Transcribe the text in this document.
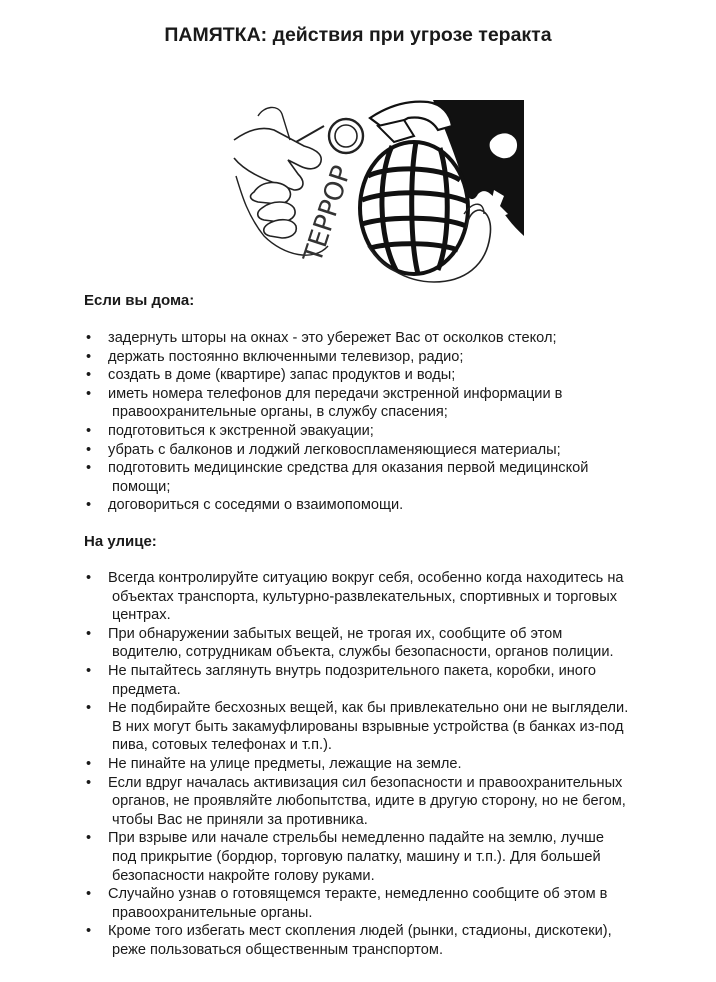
ПАМЯТКА: действия при угрозе теракта
ТЕРРОР
Если вы дома:
• задернуть шторы на окнах - это убережет Вас от осколков стекол;
• держать постоянно включенными телевизор, радио;
• создать в доме (квартире) запас продуктов и воды;
• иметь номера телефонов для передачи экстренной информации в
правоохранительные органы, в службу спасения;
• подготовиться к экстренной эвакуации;
• убрать с балконов и лоджий легковоспламеняющиеся материалы;
• подготовить медицинские средства для оказания первой медицинской
помощи;
• договориться с соседями о взаимопомощи.
На улице:
• Всегда контролируйте ситуацию вокруг себя, особенно когда находитесь на
объектах транспорта, культурно-развлекательных, спортивных и торговых
центрах.
• При обнаружении забытых вещей, не трогая их, сообщите об этом
водителю, сотрудникам объекта, службы безопасности, органов полиции.
• Не пытайтесь заглянуть внутрь подозрительного пакета, коробки, иного
предмета.
• Не подбирайте бесхозных вещей, как бы привлекательно они не выглядели.
В них могут быть закамуфлированы взрывные устройства (в банках из-под
пива, сотовых телефонах и т.п.).
• Не пинайте на улице предметы, лежащие на земле.
• Если вдруг началась активизация сил безопасности и правоохранительных
органов, не проявляйте любопытства, идите в другую сторону, но не бегом,
чтобы Вас не приняли за противника.
• При взрыве или начале стрельбы немедленно падайте на землю, лучше
под прикрытие (бордюр, торговую палатку, машину и т.п.). Для большей
безопасности накройте голову руками.
• Случайно узнав о готовящемся теракте, немедленно сообщите об этом в
правоохранительные органы.
• Кроме того избегать мест скопления людей (рынки, стадионы, дискотеки),
реже пользоваться общественным транспортом.
